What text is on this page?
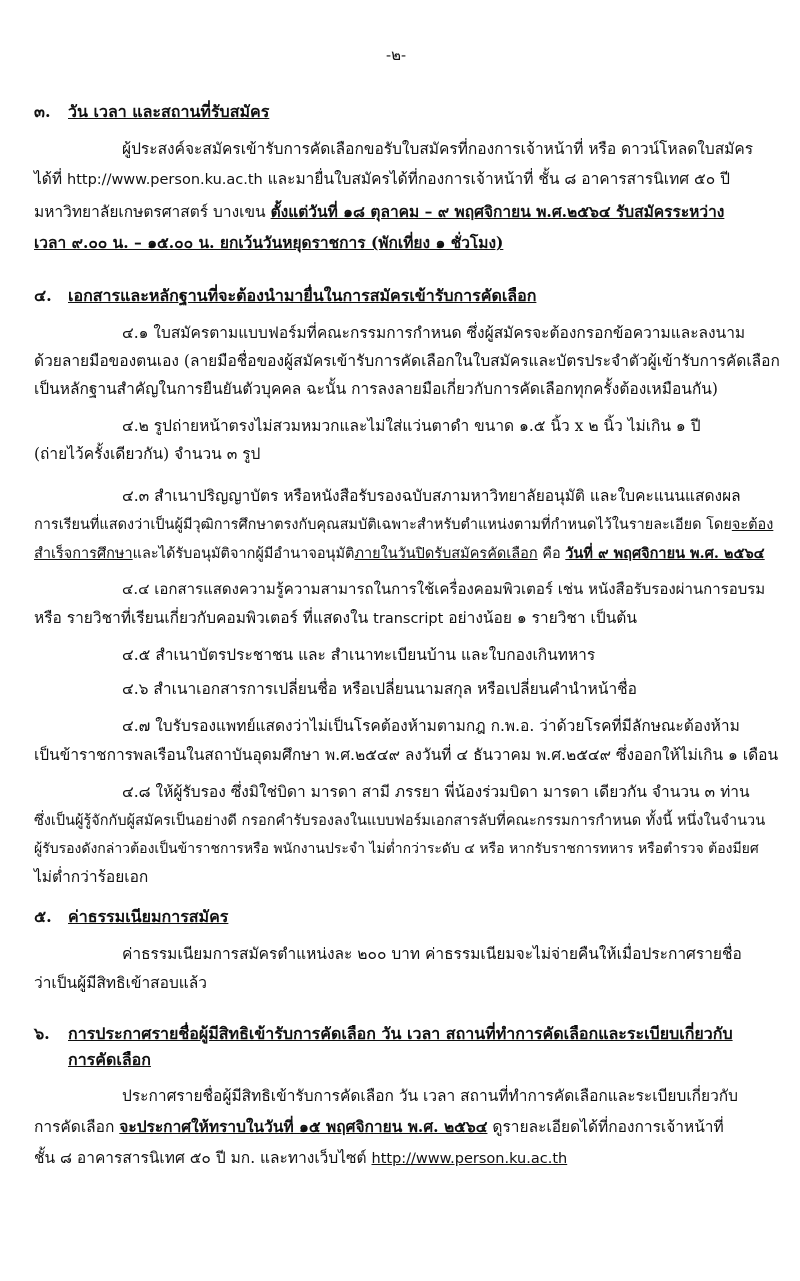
-๒-
๓. วัน เวลา และสถานที่รับสมัคร
ผู้ประสงค์จะสมัครเข้ารับการคัดเลือกขอรับใบสมัครที่กองการเจ้าหน้าที่ หรือ ดาวน์โหลดใบสมัคร
ได้ที่ http://www.person.ku.ac.th และมายื่นใบสมัครได้ที่กองการเจ้าหน้าที่ ชั้น ๘ อาคารสารนิเทศ ๕๐ ปี
มหาวิทยาลัยเกษตรศาสตร์ บางเขน ตั้งแต่วันที่ ๑๘ ตุลาคม – ๙ พฤศจิกายน พ.ศ.๒๕๖๔ รับสมัครระหว่าง
เวลา ๙.๐๐ น. – ๑๕.๐๐ น. ยกเว้นวันหยุดราชการ (พักเที่ยง ๑ ชั่วโมง)
๔. เอกสารและหลักฐานที่จะต้องนำมายื่นในการสมัครเข้ารับการคัดเลือก
๔.๑ ใบสมัครตามแบบฟอร์มที่คณะกรรมการกำหนด ซึ่งผู้สมัครจะต้องกรอกข้อความและลงนาม
ด้วยลายมือของตนเอง (ลายมือชื่อของผู้สมัครเข้ารับการคัดเลือกในใบสมัครและบัตรประจำตัวผู้เข้ารับการคัดเลือก
เป็นหลักฐานสำคัญในการยืนยันตัวบุคคล ฉะนั้น การลงลายมือเกี่ยวกับการคัดเลือกทุกครั้งต้องเหมือนกัน)
๔.๒ รูปถ่ายหน้าตรงไม่สวมหมวกและไม่ใส่แว่นตาดำ ขนาด ๑.๕ นิ้ว x ๒ นิ้ว ไม่เกิน ๑ ปี
(ถ่ายไว้ครั้งเดียวกัน) จำนวน ๓ รูป
๔.๓ สำเนาปริญญาบัตร หรือหนังสือรับรองฉบับสภามหาวิทยาลัยอนุมัติ และใบคะแนนแสดงผล
การเรียนที่แสดงว่าเป็นผู้มีวุฒิการศึกษาตรงกับคุณสมบัติเฉพาะสำหรับตำแหน่งตามที่กำหนดไว้ในรายละเอียด โดยจะต้อง
สำเร็จการศึกษาและได้รับอนุมัติจากผู้มีอำนาจอนุมัติภายในวันปิดรับสมัครคัดเลือก คือ วันที่ ๙ พฤศจิกายน พ.ศ. ๒๕๖๔
๔.๔ เอกสารแสดงความรู้ความสามารถในการใช้เครื่องคอมพิวเตอร์ เช่น หนังสือรับรองผ่านการอบรม
หรือ รายวิชาที่เรียนเกี่ยวกับคอมพิวเตอร์ ที่แสดงใน transcript อย่างน้อย ๑ รายวิชา เป็นต้น
๔.๕ สำเนาบัตรประชาชน และ สำเนาทะเบียนบ้าน และใบกองเกินทหาร
๔.๖ สำเนาเอกสารการเปลี่ยนชื่อ หรือเปลี่ยนนามสกุล หรือเปลี่ยนคำนำหน้าชื่อ
๔.๗ ใบรับรองแพทย์แสดงว่าไม่เป็นโรคต้องห้ามตามกฎ ก.พ.อ. ว่าด้วยโรคที่มีลักษณะต้องห้าม
เป็นข้าราชการพลเรือนในสถาบันอุดมศึกษา พ.ศ.๒๕๔๙ ลงวันที่ ๔ ธันวาคม พ.ศ.๒๕๔๙ ซึ่งออกให้ไม่เกิน ๑ เดือน
๔.๘ ให้ผู้รับรอง ซึ่งมิใช่บิดา มารดา สามี ภรรยา พี่น้องร่วมบิดา มารดา เดียวกัน จำนวน ๓ ท่าน
ซึ่งเป็นผู้รู้จักกับผู้สมัครเป็นอย่างดี กรอกคำรับรองลงในแบบฟอร์มเอกสารลับที่คณะกรรมการกำหนด ทั้งนี้ หนึ่งในจำนวน
ผู้รับรองดังกล่าวต้องเป็นข้าราชการหรือ พนักงานประจำ ไม่ต่ำกว่าระดับ ๔ หรือ หากรับราชการทหาร หรือตำรวจ ต้องมียศ
ไม่ต่ำกว่าร้อยเอก
๕. ค่าธรรมเนียมการสมัคร
ค่าธรรมเนียมการสมัครตำแหน่งละ ๒๐๐ บาท ค่าธรรมเนียมจะไม่จ่ายคืนให้เมื่อประกาศรายชื่อ
ว่าเป็นผู้มีสิทธิเข้าสอบแล้ว
๖. การประกาศรายชื่อผู้มีสิทธิเข้ารับการคัดเลือก วัน เวลา สถานที่ทำการคัดเลือกและระเบียบเกี่ยวกับ
การคัดเลือก
ประกาศรายชื่อผู้มีสิทธิเข้ารับการคัดเลือก วัน เวลา สถานที่ทำการคัดเลือกและระเบียบเกี่ยวกับ
การคัดเลือก จะประกาศให้ทราบในวันที่ ๑๕ พฤศจิกายน พ.ศ. ๒๕๖๔ ดูรายละเอียดได้ที่กองการเจ้าหน้าที่
ชั้น ๘ อาคารสารนิเทศ ๕๐ ปี มก. และทางเว็บไซต์ http://www.person.ku.ac.th
